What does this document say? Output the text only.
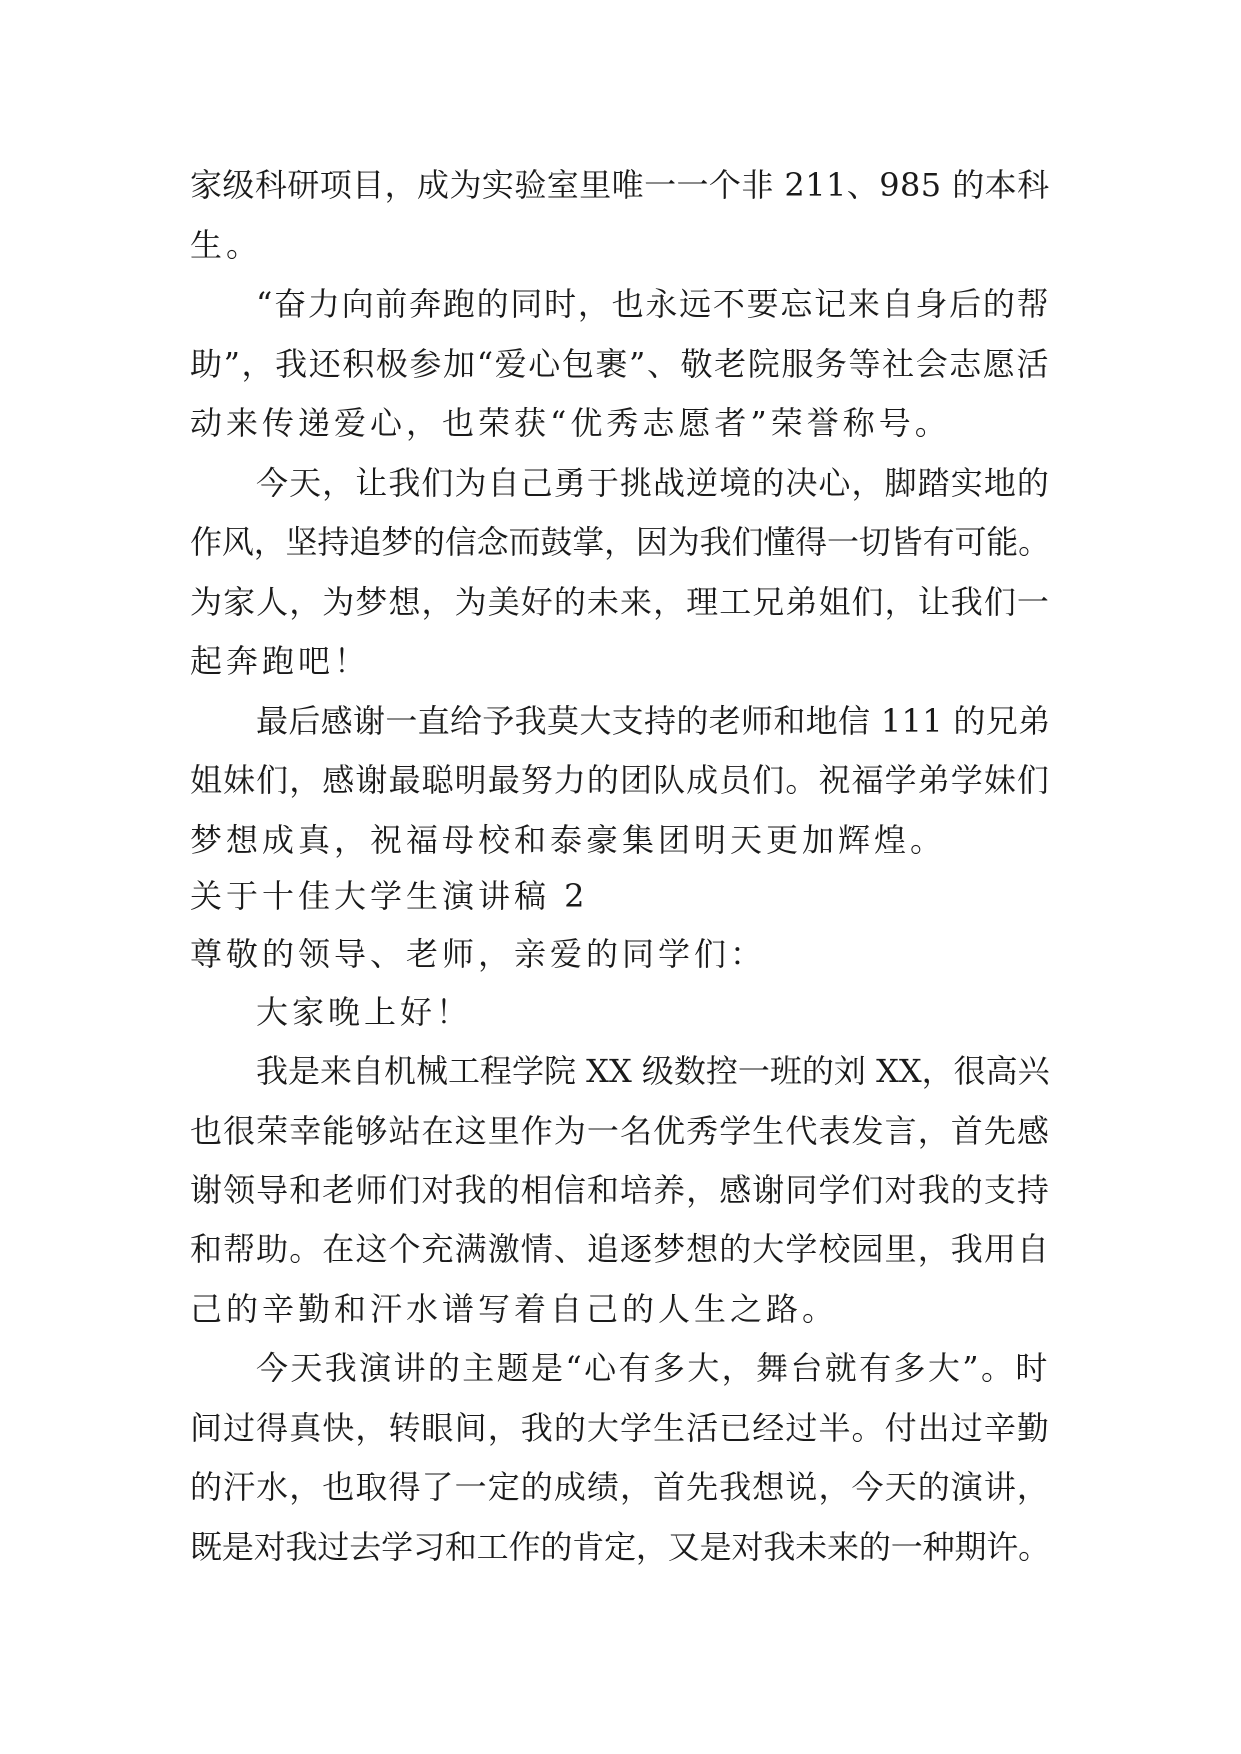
家级科研项目，成为实验室里唯一一个非 211、985 的本科
生。
“奋力向前奔跑的同时，也永远不要忘记来自身后的帮
助”，我还积极参加“爱心包裹”、敬老院服务等社会志愿活
动来传递爱心，也荣获“优秀志愿者”荣誉称号。
今天，让我们为自己勇于挑战逆境的决心，脚踏实地的
作风，坚持追梦的信念而鼓掌，因为我们懂得一切皆有可能。
为家人，为梦想，为美好的未来，理工兄弟姐们，让我们一
起奔跑吧！
最后感谢一直给予我莫大支持的老师和地信 111 的兄弟
姐妹们，感谢最聪明最努力的团队成员们。祝福学弟学妹们
梦想成真，祝福母校和泰豪集团明天更加辉煌。
关于十佳大学生演讲稿 2
尊敬的领导、老师，亲爱的同学们：
大家晚上好！
我是来自机械工程学院 XX 级数控一班的刘 XX，很高兴
也很荣幸能够站在这里作为一名优秀学生代表发言，首先感
谢领导和老师们对我的相信和培养，感谢同学们对我的支持
和帮助。在这个充满激情、追逐梦想的大学校园里，我用自
己的辛勤和汗水谱写着自己的人生之路。
今天我演讲的主题是“心有多大，舞台就有多大”。时
间过得真快，转眼间，我的大学生活已经过半。付出过辛勤
的汗水，也取得了一定的成绩，首先我想说，今天的演讲，
既是对我过去学习和工作的肯定，又是对我未来的一种期许。
